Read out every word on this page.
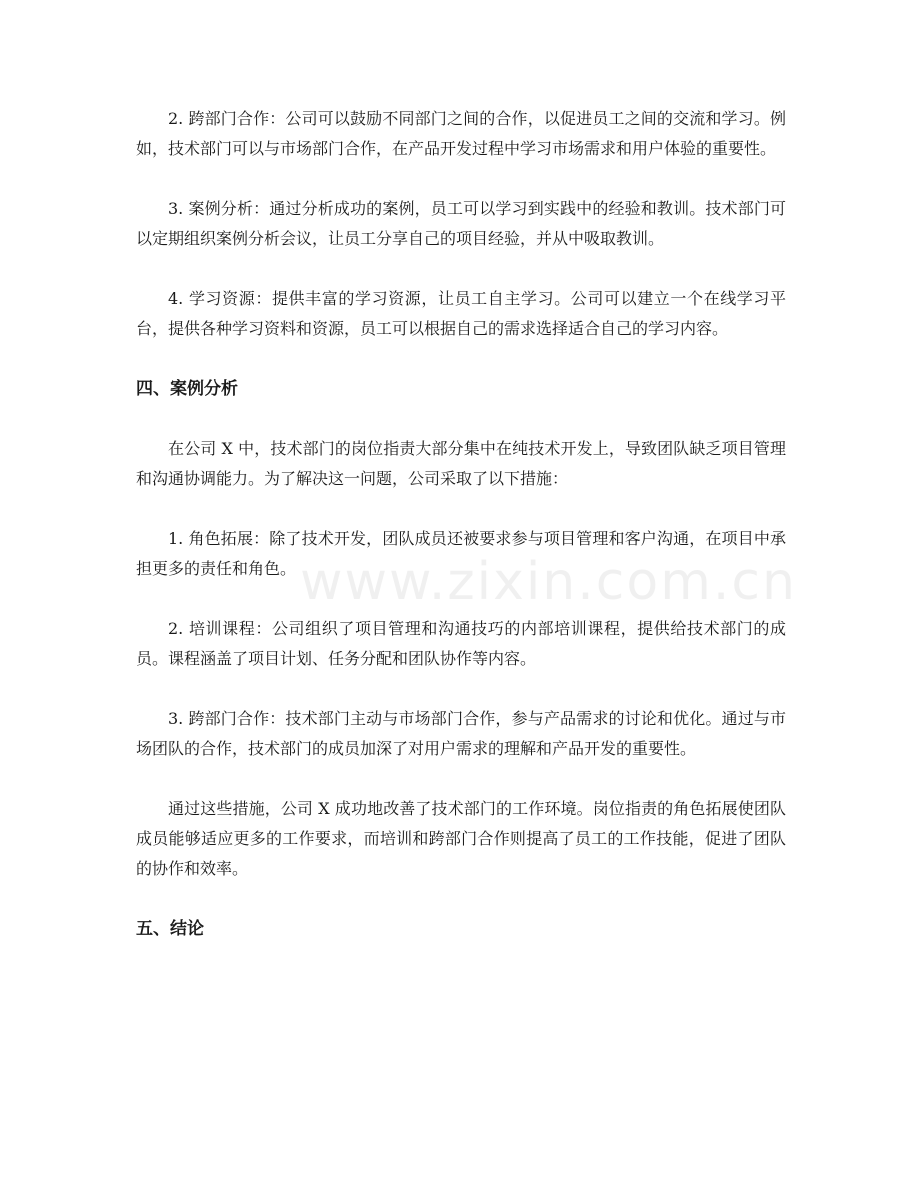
2. 跨部门合作：公司可以鼓励不同部门之间的合作，以促进员工之间的交流和学习。例如，技术部门可以与市场部门合作，在产品开发过程中学习市场需求和用户体验的重要性。

3. 案例分析：通过分析成功的案例，员工可以学习到实践中的经验和教训。技术部门可以定期组织案例分析会议，让员工分享自己的项目经验，并从中吸取教训。

4. 学习资源：提供丰富的学习资源，让员工自主学习。公司可以建立一个在线学习平台，提供各种学习资料和资源，员工可以根据自己的需求选择适合自己的学习内容。

四、案例分析

在公司 X 中，技术部门的岗位指责大部分集中在纯技术开发上，导致团队缺乏项目管理和沟通协调能力。为了解决这一问题，公司采取了以下措施：

1. 角色拓展：除了技术开发，团队成员还被要求参与项目管理和客户沟通，在项目中承担更多的责任和角色。

2. 培训课程：公司组织了项目管理和沟通技巧的内部培训课程，提供给技术部门的成员。课程涵盖了项目计划、任务分配和团队协作等内容。

3. 跨部门合作：技术部门主动与市场部门合作，参与产品需求的讨论和优化。通过与市场团队的合作，技术部门的成员加深了对用户需求的理解和产品开发的重要性。

通过这些措施，公司 X 成功地改善了技术部门的工作环境。岗位指责的角色拓展使团队成员能够适应更多的工作要求，而培训和跨部门合作则提高了员工的工作技能，促进了团队的协作和效率。

五、结论
www.zixin.com.cn
